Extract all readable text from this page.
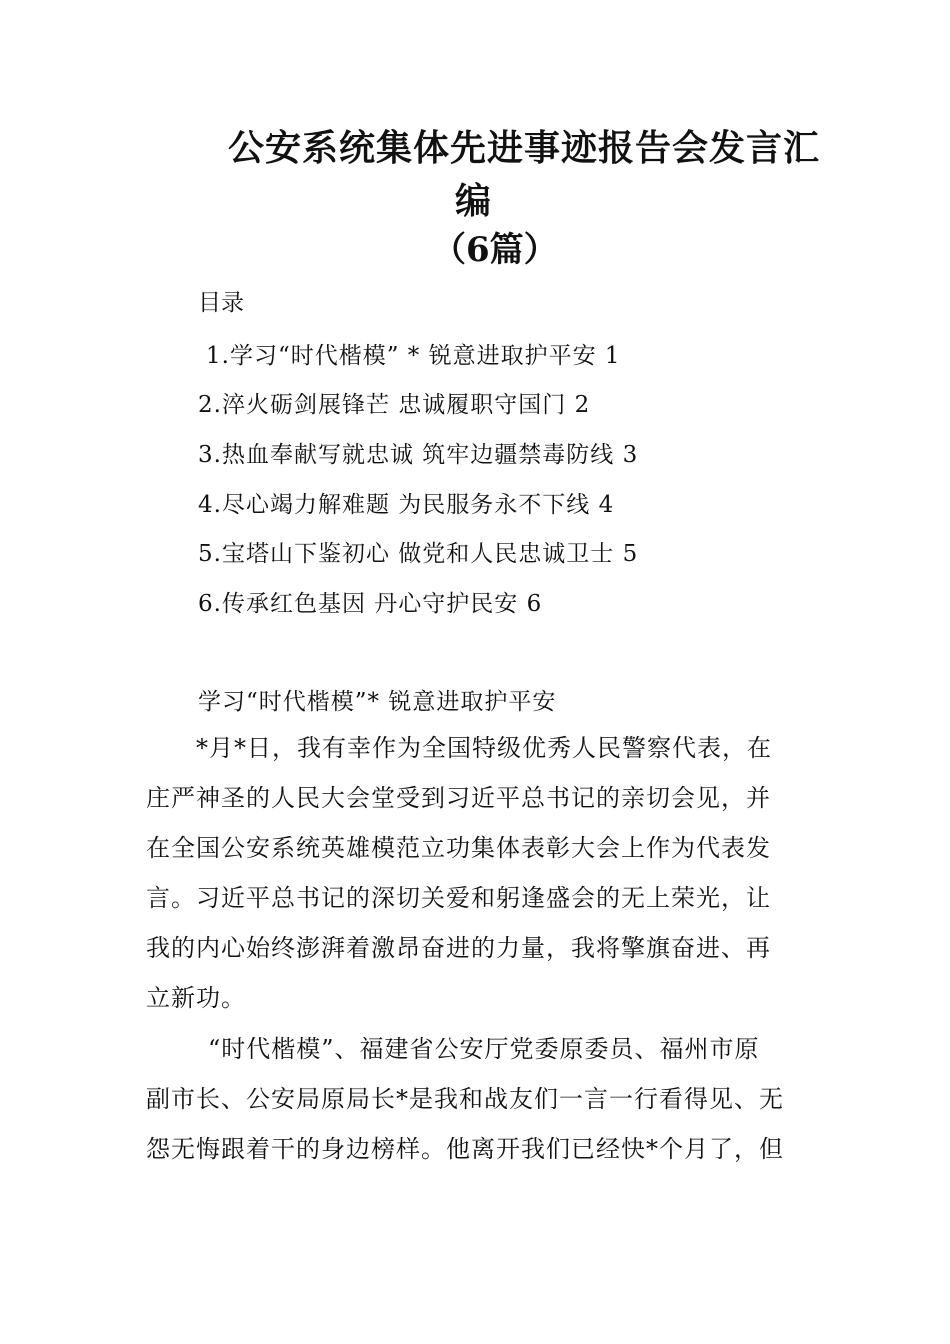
公安系统集体先进事迹报告会发言汇
编
（6篇）
目录
1.学习“时代楷模” * 锐意进取护平安 1
2.淬火砺剑展锋芒 忠诚履职守国门 2
3.热血奉献写就忠诚 筑牢边疆禁毒防线 3
4.尽心竭力解难题 为民服务永不下线 4
5.宝塔山下鉴初心 做党和人民忠诚卫士 5
6.传承红色基因 丹心守护民安 6
学习“时代楷模”* 锐意进取护平安
*月*日，我有幸作为全国特级优秀人民警察代表，在
庄严神圣的人民大会堂受到习近平总书记的亲切会见，并
在全国公安系统英雄模范立功集体表彰大会上作为代表发
言。习近平总书记的深切关爱和躬逢盛会的无上荣光，让
我的内心始终澎湃着激昂奋进的力量，我将擎旗奋进、再
立新功。
“时代楷模”、福建省公安厅党委原委员、福州市原
副市长、公安局原局长*是我和战友们一言一行看得见、无
怨无悔跟着干的身边榜样。他离开我们已经快*个月了，但
